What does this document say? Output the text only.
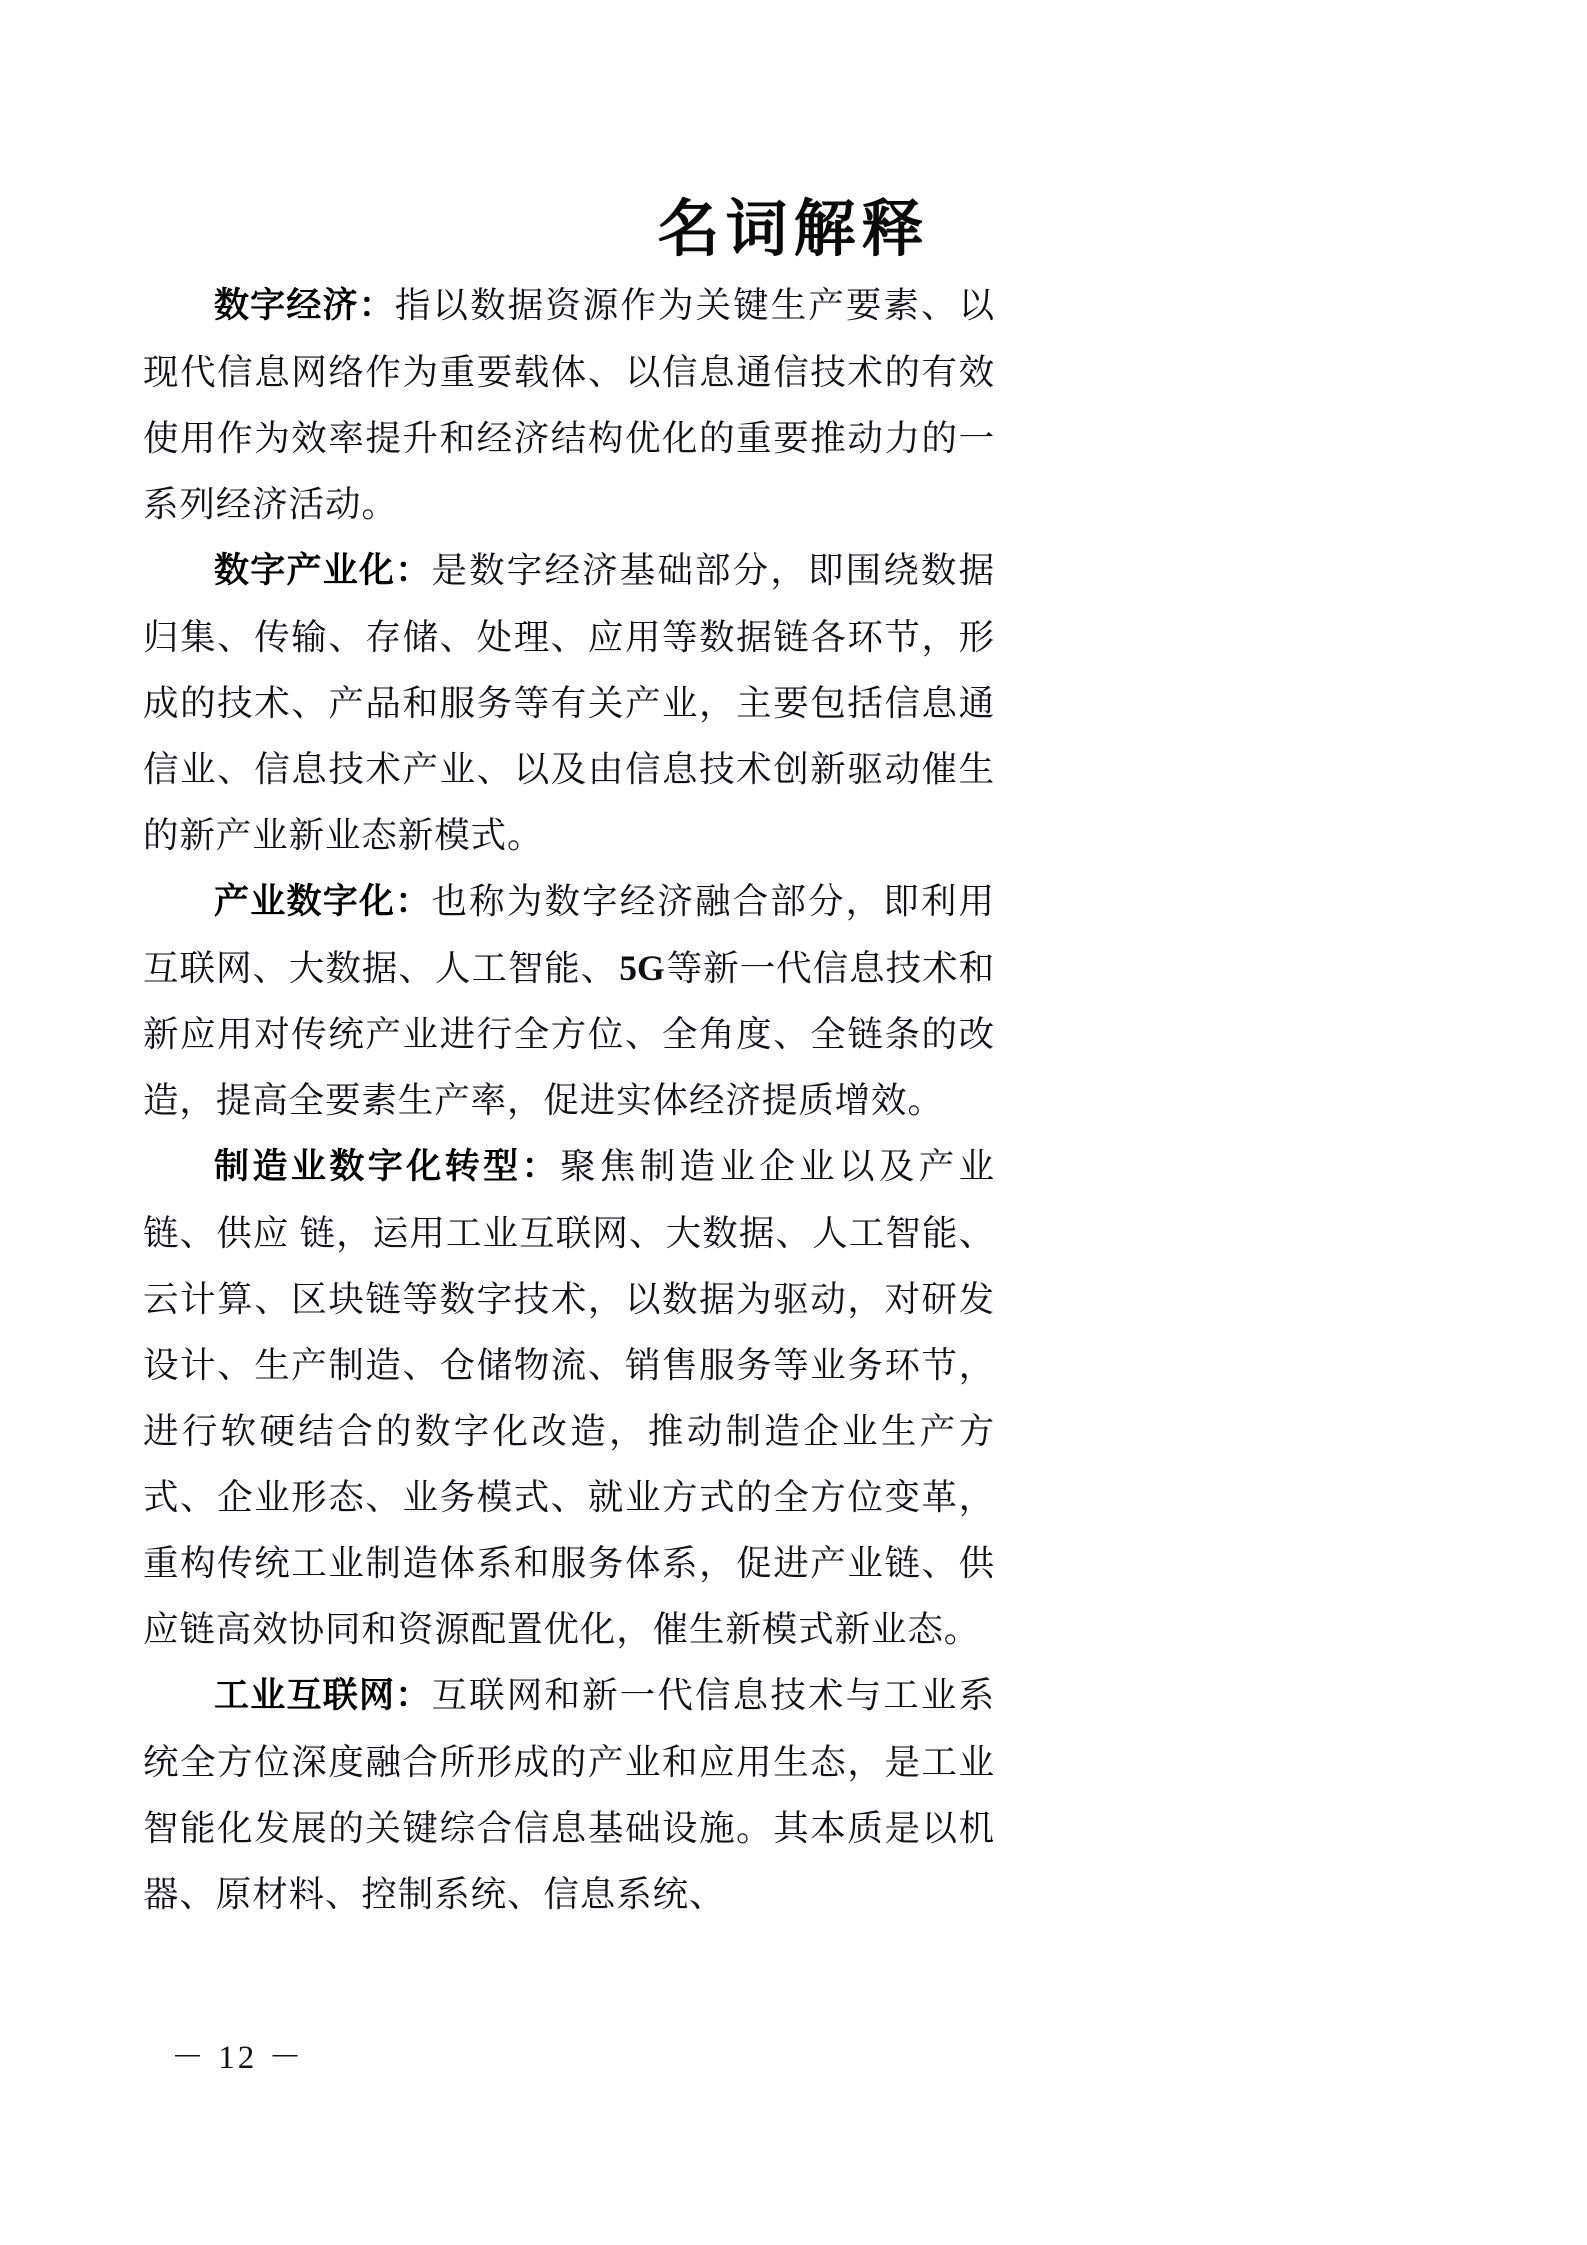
名词解释

数字经济：指以数据资源作为关键生产要素、以现代信息网络作为重要载体、以信息通信技术的有效使用作为效率提升和经济结构优化的重要推动力的一系列经济活动。

数字产业化：是数字经济基础部分，即围绕数据归集、传输、存储、处理、应用等数据链各环节，形成的技术、产品和服务等有关产业，主要包括信息通信业、信息技术产业、以及由信息技术创新驱动催生的新产业新业态新模式。

产业数字化：也称为数字经济融合部分，即利用互联网、大数据、人工智能、5G等新一代信息技术和新应用对传统产业进行全方位、全角度、全链条的改造，提高全要素生产率，促进实体经济提质增效。

制造业数字化转型：聚焦制造业企业以及产业链、供应 链，运用工业互联网、大数据、人工智能、云计算、区块链等数字技术，以数据为驱动，对研发设计、生产制造、仓储物流、销售服务等业务环节，进行软硬结合的数字化改造，推动制造企业生产方式、企业形态、业务模式、就业方式的全方位变革，重构传统工业制造体系和服务体系，促进产业链、供应链高效协同和资源配置优化，催生新模式新业态。

工业互联网：互联网和新一代信息技术与工业系统全方位深度融合所形成的产业和应用生态，是工业智能化发展的关键综合信息基础设施。其本质是以机器、原材料、控制系统、信息系统、

－ 12 －
